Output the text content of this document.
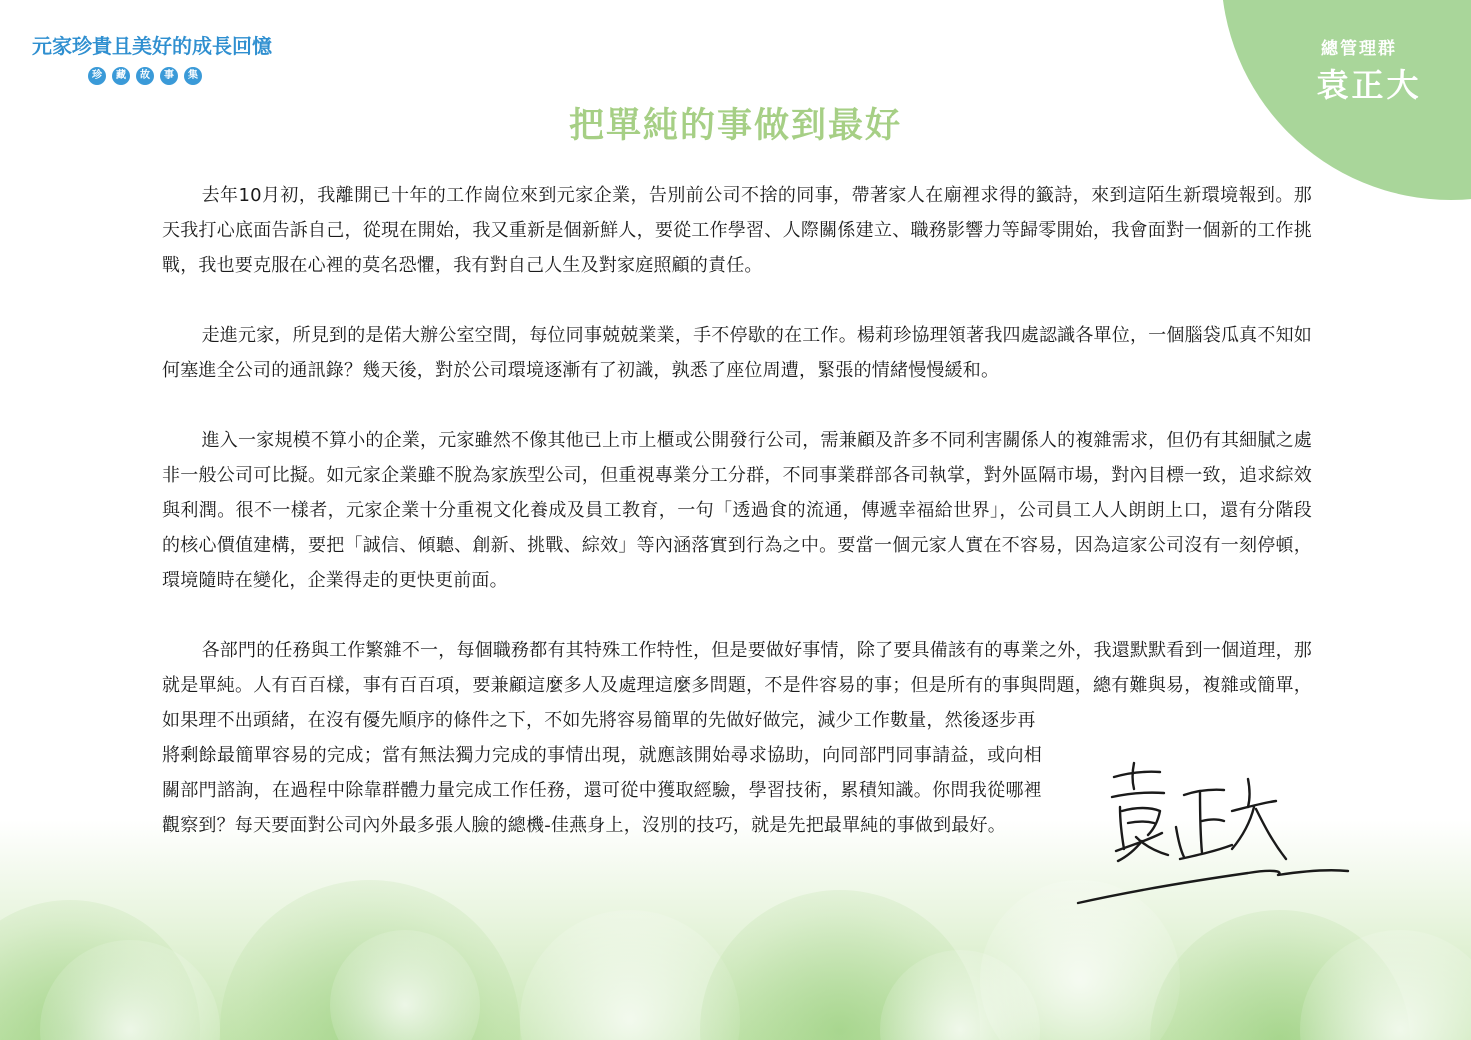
元家珍貴且美好的成長回憶
珍	藏	故	事	集
總管理群
袁正大
把單純的事做到最好

去年10月初，我離開已十年的工作崗位來到元家企業，告別前公司不捨的同事，帶著家人在廟裡求得的籤詩，來到這陌生新環境報到。那天我打心底面告訴自己，從現在開始，我又重新是個新鮮人，要從工作學習、人際關係建立、職務影響力等歸零開始，我會面對一個新的工作挑戰，我也要克服在心裡的莫名恐懼，我有對自己人生及對家庭照顧的責任。

走進元家，所見到的是偌大辦公室空間，每位同事兢兢業業，手不停歇的在工作。楊莉珍協理領著我四處認識各單位，一個腦袋瓜真不知如何塞進全公司的通訊錄？幾天後，對於公司環境逐漸有了初識，孰悉了座位周遭，緊張的情緒慢慢緩和。

進入一家規模不算小的企業，元家雖然不像其他已上市上櫃或公開發行公司，需兼顧及許多不同利害關係人的複雜需求，但仍有其細膩之處非一般公司可比擬。如元家企業雖不脫為家族型公司，但重視專業分工分群，不同事業群部各司執掌，對外區隔市場，對內目標一致，追求綜效與利潤。很不一樣者，元家企業十分重視文化養成及員工教育，一句「透過食的流通，傳遞幸福給世界」，公司員工人人朗朗上口，還有分階段的核心價值建構，要把「誠信、傾聽、創新、挑戰、綜效」等內涵落實到行為之中。要當一個元家人實在不容易，因為這家公司沒有一刻停頓，環境隨時在變化，企業得走的更快更前面。

各部門的任務與工作繁雜不一，每個職務都有其特殊工作特性，但是要做好事情，除了要具備該有的專業之外，我還默默看到一個道理，那就是單純。人有百百樣，事有百百項，要兼顧這麼多人及處理這麼多問題，不是件容易的事；但是所有的事與問題，總有難與易，複雜或簡單，如果理不出頭緒，在沒有優先順序的條件之下，不如先將容易簡單的先做好做完，減少工作數量，然後逐步再
將剩餘最簡單容易的完成；當有無法獨力完成的事情出現，就應該開始尋求協助，向同部門同事請益，或向相關部門諮詢，在過程中除靠群體力量完成工作任務，還可從中獲取經驗，學習技術，累積知識。你問我從哪裡觀察到？每天要面對公司內外最多張人臉的總機-佳燕身上，沒別的技巧，就是先把最單純的事做到最好。
